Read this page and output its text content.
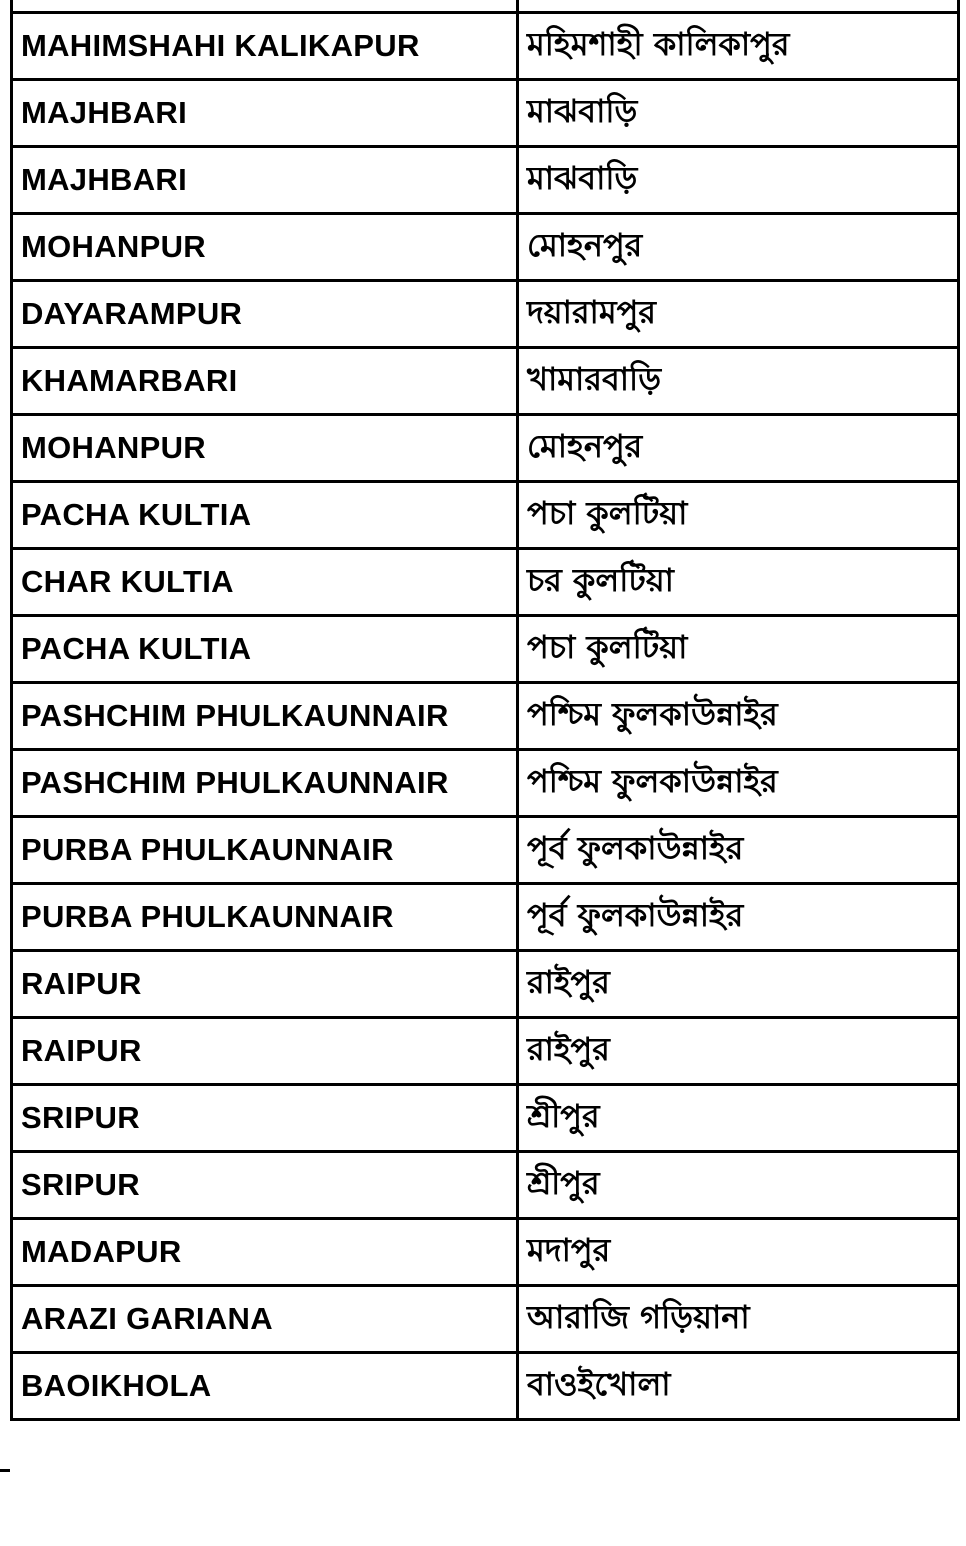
MAHIMSHAHI KALIKAPUR	মহিমশাহী কালিকাপুর
MAJHBARI	মাঝবাড়ি
MAJHBARI	মাঝবাড়ি
MOHANPUR	মোহনপুর
DAYARAMPUR	দয়ারামপুর
KHAMARBARI	খামারবাড়ি
MOHANPUR	মোহনপুর
PACHA KULTIA	পচা কুলটিয়া
CHAR KULTIA	চর কুলটিয়া
PACHA KULTIA	পচা কুলটিয়া
PASHCHIM PHULKAUNNAIR	পশ্চিম ফুলকাউন্নাইর
PASHCHIM PHULKAUNNAIR	পশ্চিম ফুলকাউন্নাইর
PURBA PHULKAUNNAIR	পূর্ব ফুলকাউন্নাইর
PURBA PHULKAUNNAIR	পূর্ব ফুলকাউন্নাইর
RAIPUR	রাইপুর
RAIPUR	রাইপুর
SRIPUR	শ্রীপুর
SRIPUR	শ্রীপুর
MADAPUR	মদাপুর
ARAZI GARIANA	আরাজি গড়িয়ানা
BAOIKHOLA	বাওইখোলা
